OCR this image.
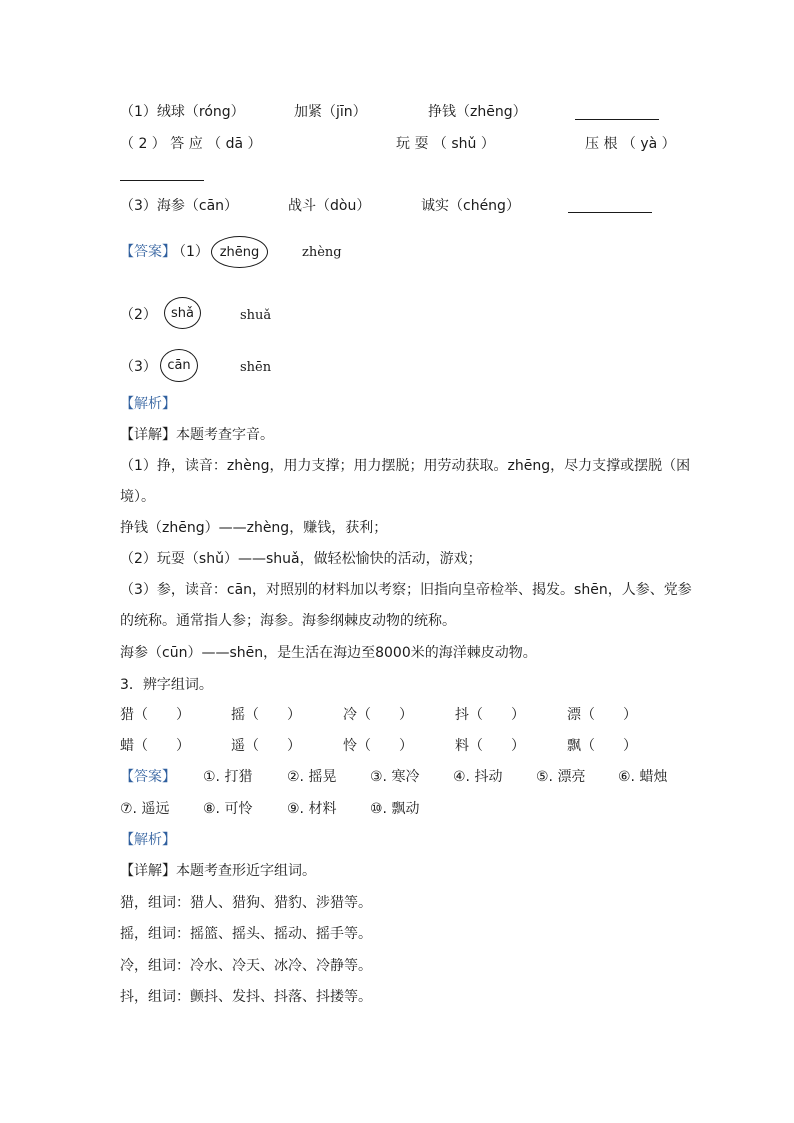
（1）绒球（róng）	加紧（jīn）	挣钱（zhēng）
（ 2 ） 答 应 （ dā ）	玩 耍 （ shǔ ）	压 根 （ yà ）
（3）海参（cān）	战斗（dòu）	诚实（chéng）
【答案】
（1） zhēng	zhèng
（2） shǎ	shuǎ
（3） cān	shēn
【解析】
【详解】本题考查字音。
（1）挣，读音：zhèng，用力支撑；用力摆脱；用劳动获取。zhēng，尽力支撑或摆脱（困
境）。
挣钱（zhēng）——zhèng，赚钱，获利；
（2）玩耍（shǔ）——shuǎ，做轻松愉快的活动，游戏；
（3）参，读音：cān，对照别的材料加以考察；旧指向皇帝检举、揭发。shēn，人参、党参
的统称。通常指人参；海参。海参纲棘皮动物的统称。
海参（cūn）——shēn，是生活在海边至8000米的海洋棘皮动物。
3．辨字组词。
猎（　　）	摇（　　）	冷（　　）	抖（　　）	漂（　　）
蜡（　　）	遥（　　）	怜（　　）	料（　　）	飘（　　）
【答案】 ①. 打猎 ②. 摇晃 ③. 寒冷 ④. 抖动 ⑤. 漂亮 ⑥. 蜡烛
⑦. 遥远 ⑧. 可怜 ⑨. 材料 ⑩. 飘动
【解析】
【详解】本题考查形近字组词。
猎，组词：猎人、猎狗、猎豹、涉猎等。
摇，组词：摇篮、摇头、摇动、摇手等。
冷，组词：冷水、冷天、冰冷、冷静等。
抖，组词：颤抖、发抖、抖落、抖搂等。
